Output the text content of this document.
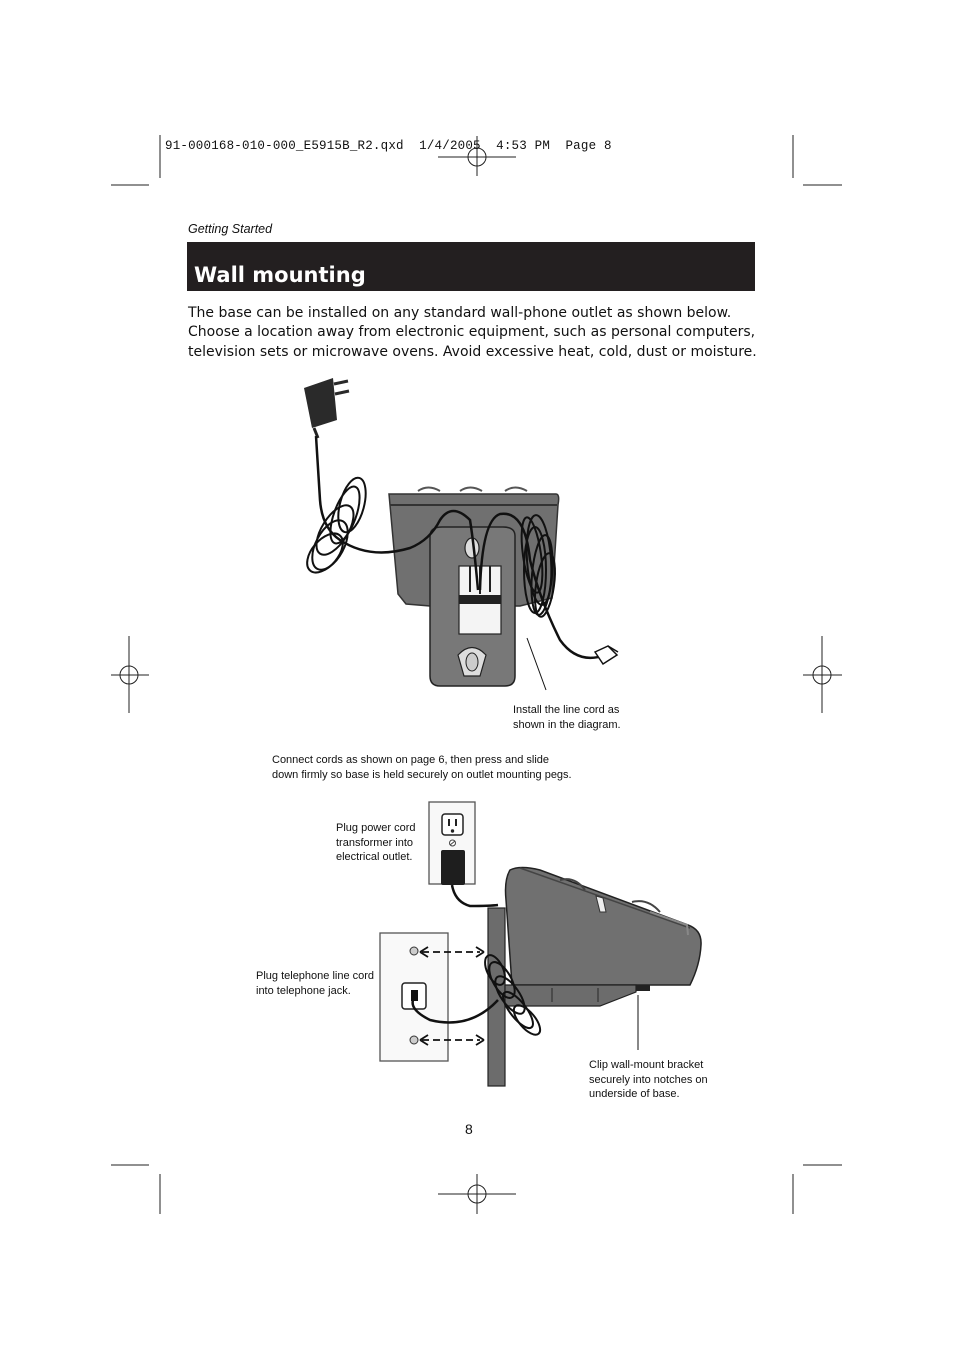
91-000168-010-000_E5915B_R2.qxd  1/4/2005  4:53 PM  Page 8
Getting Started
Wall mounting
The base can be installed on any standard wall-phone outlet as shown below. Choose a location away from electronic equipment, such as personal computers, television sets or microwave ovens. Avoid excessive heat, cold, dust or moisture.
Install the line cord as
shown in the diagram.
Connect cords as shown on page 6, then press and slide
down firmly so base is held securely on outlet mounting pegs.
Plug power cord
transformer into
electrical outlet.
Plug telephone line cord
into telephone jack.
Clip wall-mount bracket
securely into notches on
underside of base.
8
